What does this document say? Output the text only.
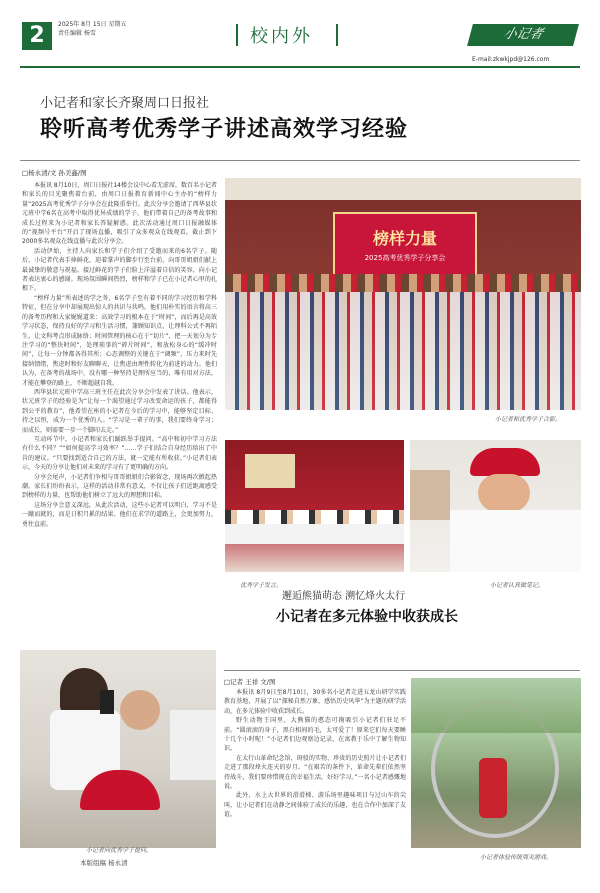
2	2025年 8月 15日 星期五
责任编辑 杨雪	校内外	小记者
E-mail:zkwkjpd@126.com
小记者和家长齐聚周口日报社
聆听高考优秀学子讲述高效学习经验
□杨永清/文 孙美鑫/图

本报讯 8月10日，周口日报社14楼会议中心看无虚席，数百名小记者和家长的目光聚焦着台前，由周口日报教育新闻中心主办的“榜样力量”2025高考优秀学子分享会在此隆重举行。此次分享会邀请了西华县状元班中学6名在高考中取得优异成绩的学子，他们带着自己的备考故事和成长过程来为小记者和家长答疑解惑。此次活动通过周口日报融媒体的“视频号平台”开启了现场直播，吸引了众多观众在线观看。截止到下 2000多名观众在线直播与此次分享会。

活动伊始，主持人向家长和学子们介绍了受邀而来的6名学子。随后，小记者代表手捧鲜花，迎着掌声的脚步行至台前，向哥哥姐姐们献上最诚挚的敬意与祝福。接过鲜花的学子们脸上洋溢着自信的笑容，向小记者表达衷心的感谢。现场氛围瞬间热烈，榜样和学子已在小记者心里的扎根下。

“榜样力量”所表述的学之务，6名学子至有着不同的学习经历和学科特征，但在分享中却展现出惊人的共识与共鸣。他们用朴实的语言将高三的备考历程和大家娓娓道来：高效学习的根本在于“时间”，而后再是高效学习状态，保持良好的学习和生活习惯，兼顾知识点，让理科公式不再陌生，让文科考点形成脉络；时间管理的核心在于“切片”，把一天划分为专注学习的“整块时间”，处理琐事的“碎片时间”，和放松身心的“缓冲时间”，让每一分钟都各得其所；心态调整的关键在于“调频”，压力来时先接纳情绪，焦虑时和好友聊聊天，让焦虑由理性转化为前进的动力。他们认为，在备考的战场中，没有哪一种坚持是理所应当的，唯有用对方法，才能在攀登的路上，不断超越自我。

西华县状元班中学高三班主任在此次分享会中发表了讲话。他表示，状元班学子的经验是为“让每一个渴望通过学习改变命运的孩子，都能得到公平的教育”，他希望在座的小记者在今后的学习中，能够坚定目标、持之以恒，成为一个优秀的人。“学习是一辈子的事，我们要终身学习；而成长，则需要一步一个脚印去走。”

互动环节中，小记者和家长们踊跃举手提问。“高中和初中学习方法有什么不同？”“如何提高学习效率？”……学子们结合自身经历给出了中肯的建议。“只要找到适合自己的方法，就一定能有所收获。”小记者们表示，今天的分享让他们对未来的学习有了更明确的方向。

分享会尾声，小记者们争相与哥哥姐姐们合影留念，现场再次掀起热潮。家长们纷纷表示，这样的活动非常有意义，不仅让孩子们近距离感受到榜样的力量，也帮助他们树立了远大的理想和目标。

这场分享会意义深远，从此次活动，这些小记者可以明白，学习不是一蹴而就的，而是日积月累的结果。他们在求学的道路上，会更加努力，勇往直前。

榜样力量
2025高考优秀学子分享会
小记者和优秀学子合影。
优秀学子发言。	小记者认真做笔记。
邂逅熊猫萌态 溯忆烽火太行
小记者在多元体验中收获成长
□记者 王祥 文/图

本报讯 8月9日至8月10日，30多名小记者走进五龙山研学实践教育基地，开展了以“探秘自然万象，感悟历史风华”为主题的研学活动，在多元体验中收获到成长。

野生动物王国里，大熊猫的憨态可掬吸引小记者们驻足不前。“圆滚滚的身子，黑白相间的毛，太可爱了！原来它们每天要睡十几个小时呢！”小记者们边观察边记录，在寓教于乐中了解生物知识。

在太行山革命纪念馆，斑驳的实物、珍贵的历史照片让小记者们走进了那段烽火连天的岁月。“在艰苦的条件下，革命先辈们依然坚持战斗，我们要珍惜现在的幸福生活，好好学习。”一名小记者感慨地说。

此外，水上大世界的滑滑梯、游乐场里趣味项目与过山车的尖叫，让小记者们在动静之间体验了成长的乐趣，也在合作中加深了友谊。

小记者体验传统周关游戏。
小记者向优秀学子提问。
本版组稿 杨永清
